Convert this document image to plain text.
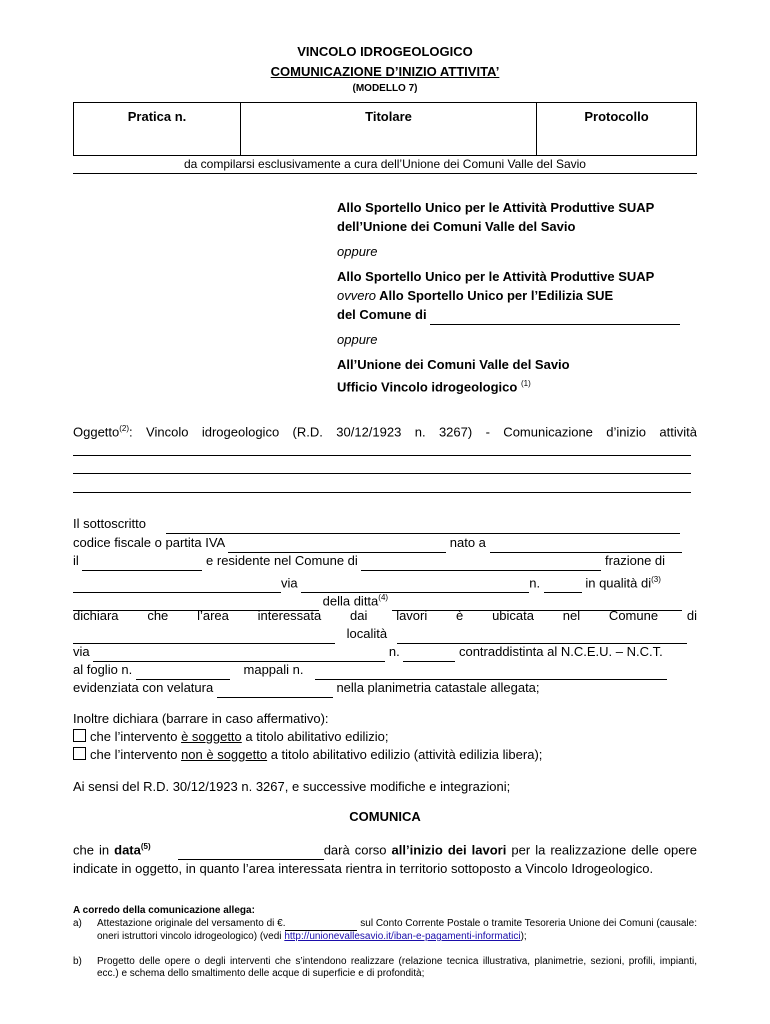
VINCOLO IDROGEOLOGICO
COMUNICAZIONE D’INIZIO ATTIVITA’
(MODELLO 7)
Pratica n.	Titolare	Protocollo
da compilarsi esclusivamente a cura dell’Unione dei Comuni Valle del Savio
Allo Sportello Unico per le Attività Produttive SUAP
dell’Unione dei Comuni Valle del Savio
oppure
Allo Sportello Unico per le Attività Produttive SUAP
ovvero Allo Sportello Unico per l’Edilizia SUE
del Comune di
oppure
All’Unione dei Comuni Valle del Savio
Ufficio Vincolo idrogeologico $^{(1)}$
Oggetto$^{(2)}$: Vincolo idrogeologico (R.D. 30/12/1923 n. 3267) - Comunicazione d’inizio attività
Il sottoscritto
codice fiscale o partita IVA	nato a
il	e residente nel Comune di	frazione di
via	n.	in qualità $di^{(3)}$
della ditta$^{(4)}$
dichiara che l’area interessata dai lavori è ubicata nel Comune di
località
via	n.	contraddistinta al N.C.E.U. – N.C.T.
al foglio n.	mappali n.
evidenziata con velatura	nella planimetria catastale allegata;
Inoltre dichiara (barrare in caso affermativo):
che l’intervento è soggetto a titolo abilitativo edilizio;
che l’intervento non è soggetto a titolo abilitativo edilizio (attività edilizia libera);
Ai sensi del R.D. 30/12/1923 n. 3267, e successive modifiche e integrazioni;
COMUNICA
che in data$^{(5)}$	darà corso all’inizio dei lavori per la realizzazione delle opere indicate in oggetto, in quanto l’area interessata rientra in territorio sottoposto a Vincolo Idrogeologico.
A corredo della comunicazione allega:
a) Attestazione originale del versamento di €.	sul Conto Corrente Postale o tramite Tesoreria Unione dei Comuni (causale: oneri istruttori vincolo idrogeologico) (vedi http://unionevallesavio.it/iban-e-pagamenti-informatici);
b) Progetto delle opere o degli interventi che s’intendono realizzare (relazione tecnica illustrativa, planimetrie, sezioni, profili, impianti, ecc.) e schema dello smaltimento delle acque di superficie e di profondità;
